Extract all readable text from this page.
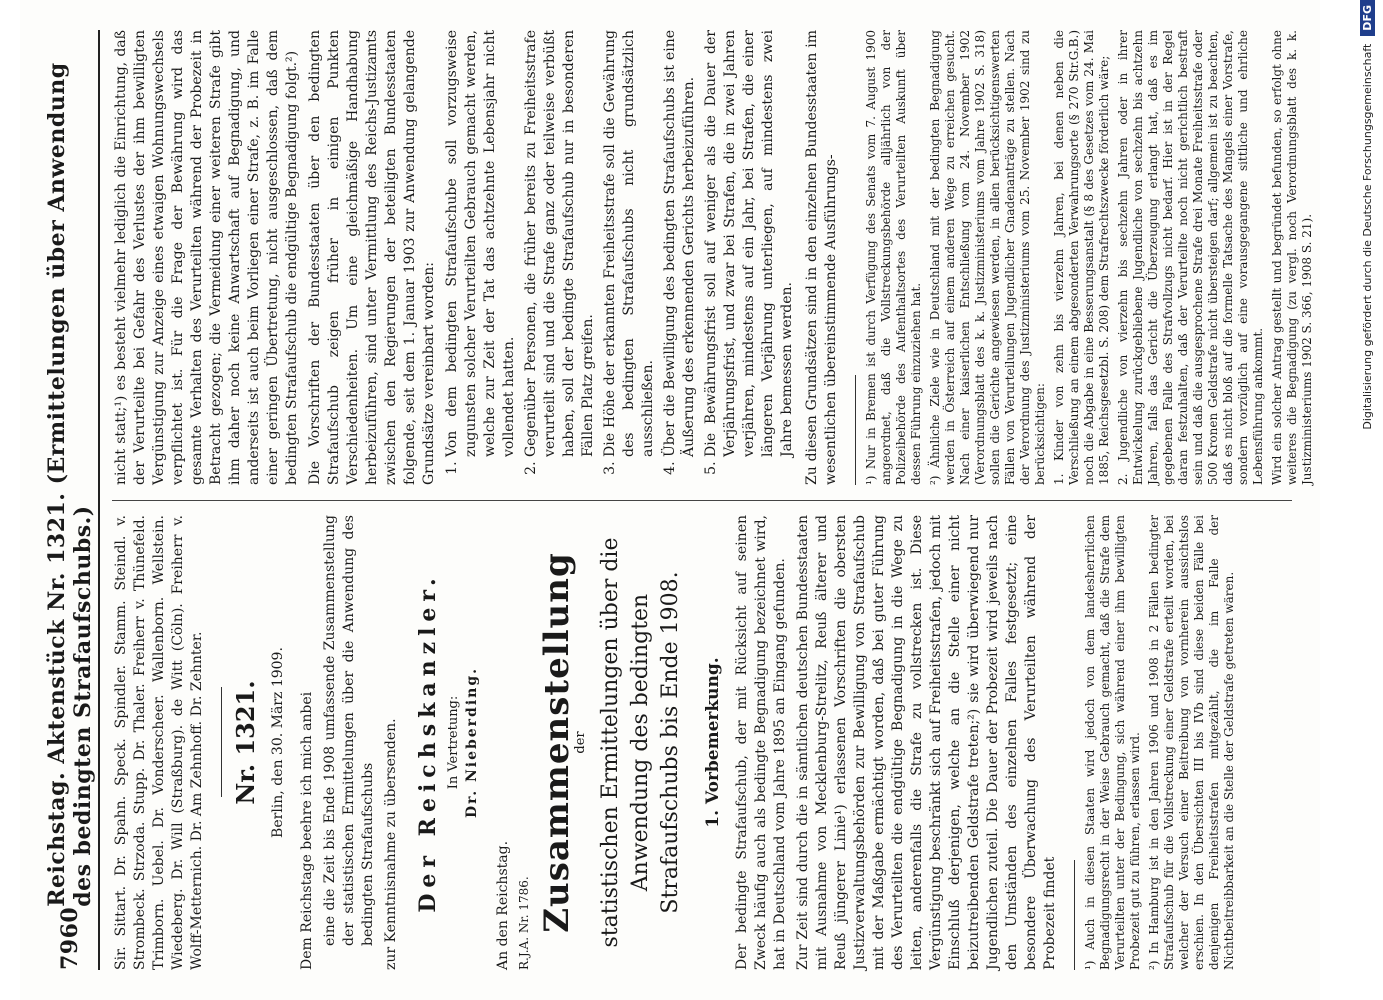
7960
Reichstag. Aktenstück Nr. 1321. (Ermittelungen über Anwendung des bedingten Strafaufschubs.) Sir. Sittart. Dr. Spahn. Speck. Spindler. Stamm. Steindl. v. Strombeck. Strzoda. Stupp. Dr. Thaler. Freiherr v. Thünefeld. Trimborn. Uebel. Dr. Vonderscheer. Wallenborn. Wellstein. Wiedeberg. Dr. Will (Straßburg). de Witt (Cöln). Freiherr v. Wolff-Metternich. Dr. Am Zehnhoff. Dr. Zehnter. Nr. 1321. Berlin, den 30. März 1909. Dem Reichstage beehre ich mich anbei eine die Zeit bis Ende 1908 umfassende Zusammenstellung der statistischen Ermittelungen über die Anwendung des bedingten Strafaufschubs zur Kenntnisnahme zu übersenden. Der Reichskanzler. In Vertretung: Dr. Nieberding.
An den Reichstag. R.J.A. Nr. 1786. Zusammenstellung
der statistischen Ermittelungen über die Anwendung des bedingten Strafaufschubs bis Ende 1908. 1. Vorbemerkung. Der bedingte Strafaufschub, der mit Rücksicht auf seinen Zweck häufig auch als bedingte Begnadigung bezeichnet wird, hat in Deutschland vom Jahre 1895 an Eingang gefunden. Zur Zeit sind durch die in sämtlichen deutschen Bundesstaaten mit Ausnahme von Mecklenburg-Strelitz, Reuß älterer und Reuß jüngerer Linie¹) erlassenen Vorschriften die obersten Justizverwaltungsbehörden zur Bewilligung von Strafaufschub mit der Maßgabe ermächtigt worden, daß bei guter Führung des Verurteilten die endgültige Begnadigung in die Wege zu leiten, anderenfalls die Strafe zu vollstrecken ist. Diese Vergünstigung beschränkt sich auf Freiheitsstrafen, jedoch mit Einschluß derjenigen, welche an die Stelle einer nicht beizutreibenden Geldstrafe treten;²) sie wird überwiegend nur Jugendlichen zuteil. Die Dauer der Probezeit wird jeweils nach den Umständen des einzelnen Falles festgesetzt; eine besondere Überwachung des Verurteilten während der Probezeit findet ¹) Auch in diesen Staaten wird jedoch von dem landesherrlichen Begnadigungsrecht in der Weise Gebrauch gemacht, daß die Strafe dem Verurteilten unter der Bedingung, sich während einer ihm bewilligten Probezeit gut zu führen, erlassen wird. ²) In Hamburg ist in den Jahren 1906 und 1908 in 2 Fällen bedingter Strafaufschub für die Vollstreckung einer Geldstrafe erteilt worden, bei welcher der Versuch einer Beitreibung von vornherein aussichtslos erschien. In den Übersichten III bis IVb sind diese beiden Fälle bei denjenigen Freiheitsstrafen mitgezählt, die im Falle der Nichtbeitreibbarkeit an die Stelle der Geldstrafe getreten wären.

nicht statt;¹) es besteht vielmehr lediglich die Einrichtung, daß der Verurteilte bei Gefahr des Verlustes der ihm bewilligten Vergünstigung zur Anzeige eines etwaigen Wohnungswechsels verpflichtet ist. Für die Frage der Bewährung wird das gesamte Verhalten des Verurteilten während der Probezeit in Betracht gezogen; die Vermeidung einer weiteren Strafe gibt ihm daher noch keine Anwartschaft auf Begnadigung, und anderseits ist auch beim Vorliegen einer Strafe, z. B. im Falle einer geringen Übertretung, nicht ausgeschlossen, daß dem bedingten Strafaufschub die endgültige Begnadigung folgt.²) Die Vorschriften der Bundesstaaten über den bedingten Strafaufschub zeigen früher in einigen Punkten Verschiedenheiten. Um eine gleichmäßige Handhabung herbeizuführen, sind unter Vermittlung des Reichs-Justizamts zwischen den Regierungen der beteiligten Bundesstaaten folgende, seit dem 1. Januar 1903 zur Anwendung gelangende Grundsätze vereinbart worden: 1. Von dem bedingten Strafaufschube soll vorzugsweise zugunsten solcher Verurteilten Gebrauch gemacht werden, welche zur Zeit der Tat das achtzehnte Lebensjahr nicht vollendet hatten. 2. Gegenüber Personen, die früher bereits zu Freiheitsstrafe verurteilt sind und die Strafe ganz oder teilweise verbüßt haben, soll der bedingte Strafaufschub nur in besonderen Fällen Platz greifen. 3. Die Höhe der erkannten Freiheitsstrafe soll die Gewährung des bedingten Strafaufschubs nicht grundsätzlich ausschließen. 4. Über die Bewilligung des bedingten Strafaufschubs ist eine Äußerung des erkennenden Gerichts herbeizuführen. 5. Die Bewährungsfrist soll auf weniger als die Dauer der Verjährungsfrist, und zwar bei Strafen, die in zwei Jahren verjähren, mindestens auf ein Jahr, bei Strafen, die einer längeren Verjährung unterliegen, auf mindestens zwei Jahre bemessen werden. Zu diesen Grundsätzen sind in den einzelnen Bundesstaaten im wesentlichen übereinstimmende Ausführungs- ¹) Nur in Bremen ist durch Verfügung des Senats vom 7. August 1900 angeordnet, daß die Vollstreckungsbehörde alljährlich von der Polizeibehörde des Aufenthaltsortes des Verurteilten Auskunft über dessen Führung einzuziehen hat. ²) Ähnliche Ziele wie in Deutschland mit der bedingten Begnadigung werden in Österreich auf einem anderen Wege zu erreichen gesucht. Nach einer kaiserlichen Entschließung vom 24. November 1902 (Verordnungsblatt des k. k. Justizministeriums vom Jahre 1902 S. 318) sollen die Gerichte angewiesen werden, in allen berücksichtigenswerten Fällen von Verurteilungen Jugendlicher Gnadenanträge zu stellen. Nach der Verordnung des Justizministeriums vom 25. November 1902 sind zu berücksichtigen: 1. Kinder von zehn bis vierzehn Jahren, bei denen neben die Verschließung an einem abgesonderten Verwahrungsorte (§ 270 Str.G.B.) noch die Abgabe in eine Besserungsanstalt (§ 8 des Gesetzes vom 24. Mai 1885, Reichsgesetzbl. S. 208) dem Strafrechtszwecke förderlich wäre; 2. Jugendliche von vierzehn bis sechzehn Jahren oder in ihrer Entwickelung zurückgebliebene Jugendliche von sechzehn bis achtzehn Jahren, falls das Gericht die Überzeugung erlangt hat, daß es im gegebenen Falle des Strafvollzugs nicht bedarf. Hier ist in der Regel daran festzuhalten, daß der Verurteilte noch nicht gerichtlich bestraft sein und daß die ausgesprochene Strafe drei Monate Freiheitsstrafe oder 500 Kronen Geldstrafe nicht übersteigen darf; allgemein ist zu beachten, daß es nicht bloß auf die formelle Tatsache des Mangels einer Vorstrafe, sondern vorzüglich auf eine vorausgegangene sittliche und ehrliche Lebensführung ankommt. Wird ein solcher Antrag gestellt und begründet befunden, so erfolgt ohne weiteres die Begnadigung (zu vergl. noch Verordnungsblatt des k. k. Justizministeriums 1902 S. 366, 1908 S. 21).	Digitalisierung gefördert durch die Deutsche Forschungsgemeinschaft
DFG
